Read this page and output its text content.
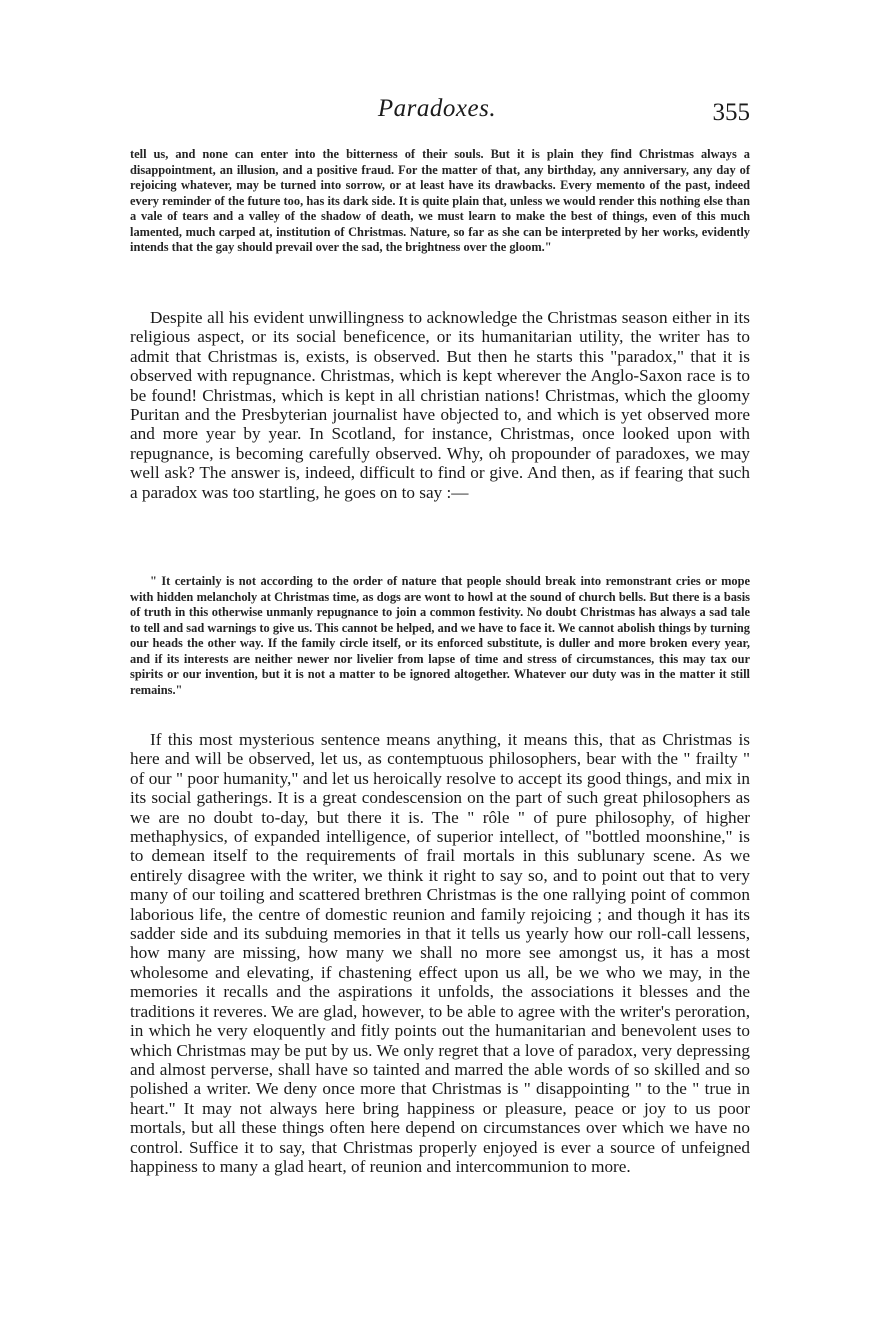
Paradoxes.	355

tell us, and none can enter into the bitterness of their souls. But it is plain they find Christmas always a disappointment, an illusion, and a positive fraud. For the matter of that, any birthday, any anniversary, any day of rejoicing whatever, may be turned into sorrow, or at least have its drawbacks. Every memento of the past, indeed every reminder of the future too, has its dark side. It is quite plain that, unless we would render this nothing else than a vale of tears and a valley of the shadow of death, we must learn to make the best of things, even of this much lamented, much carped at, institution of Christmas. Nature, so far as she can be interpreted by her works, evidently intends that the gay should prevail over the sad, the brightness over the gloom."

Despite all his evident unwillingness to acknowledge the Christmas season either in its religious aspect, or its social beneficence, or its humanitarian utility, the writer has to admit that Christmas is, exists, is observed. But then he starts this "paradox," that it is observed with repugnance. Christmas, which is kept wherever the Anglo-Saxon race is to be found! Christmas, which is kept in all christian nations! Christmas, which the gloomy Puritan and the Presbyterian journalist have objected to, and which is yet observed more and more year by year. In Scotland, for instance, Christmas, once looked upon with repugnance, is becoming carefully observed. Why, oh propounder of paradoxes, we may well ask? The answer is, indeed, difficult to find or give. And then, as if fearing that such a paradox was too startling, he goes on to say :—

" It certainly is not according to the order of nature that people should break into remonstrant cries or mope with hidden melancholy at Christmas time, as dogs are wont to howl at the sound of church bells. But there is a basis of truth in this otherwise unmanly repugnance to join a common festivity. No doubt Christmas has always a sad tale to tell and sad warnings to give us. This cannot be helped, and we have to face it. We cannot abolish things by turning our heads the other way. If the family circle itself, or its enforced substitute, is duller and more broken every year, and if its interests are neither newer nor livelier from lapse of time and stress of circumstances, this may tax our spirits or our invention, but it is not a matter to be ignored altogether. Whatever our duty was in the matter it still remains."

If this most mysterious sentence means anything, it means this, that as Christmas is here and will be observed, let us, as contemptuous philosophers, bear with the " frailty " of our " poor humanity," and let us heroically resolve to accept its good things, and mix in its social gatherings. It is a great condescension on the part of such great philosophers as we are no doubt to-day, but there it is. The " rôle " of pure philosophy, of higher methaphysics, of expanded intelligence, of superior intellect, of "bottled moonshine," is to demean itself to the requirements of frail mortals in this sublunary scene. As we entirely disagree with the writer, we think it right to say so, and to point out that to very many of our toiling and scattered brethren Christmas is the one rallying point of common laborious life, the centre of domestic reunion and family rejoicing ; and though it has its sadder side and its subduing memories in that it tells us yearly how our roll-call lessens, how many are missing, how many we shall no more see amongst us, it has a most wholesome and elevating, if chastening effect upon us all, be we who we may, in the memories it recalls and the aspirations it unfolds, the associations it blesses and the traditions it reveres. We are glad, however, to be able to agree with the writer's peroration, in which he very eloquently and fitly points out the humanitarian and benevolent uses to which Christmas may be put by us. We only regret that a love of paradox, very depressing and almost perverse, shall have so tainted and marred the able words of so skilled and so polished a writer. We deny once more that Christmas is " disappointing " to the " true in heart." It may not always here bring happiness or pleasure, peace or joy to us poor mortals, but all these things often here depend on circumstances over which we have no control. Suffice it to say, that Christmas properly enjoyed is ever a source of unfeigned happiness to many a glad heart, of reunion and intercommunion to more.
